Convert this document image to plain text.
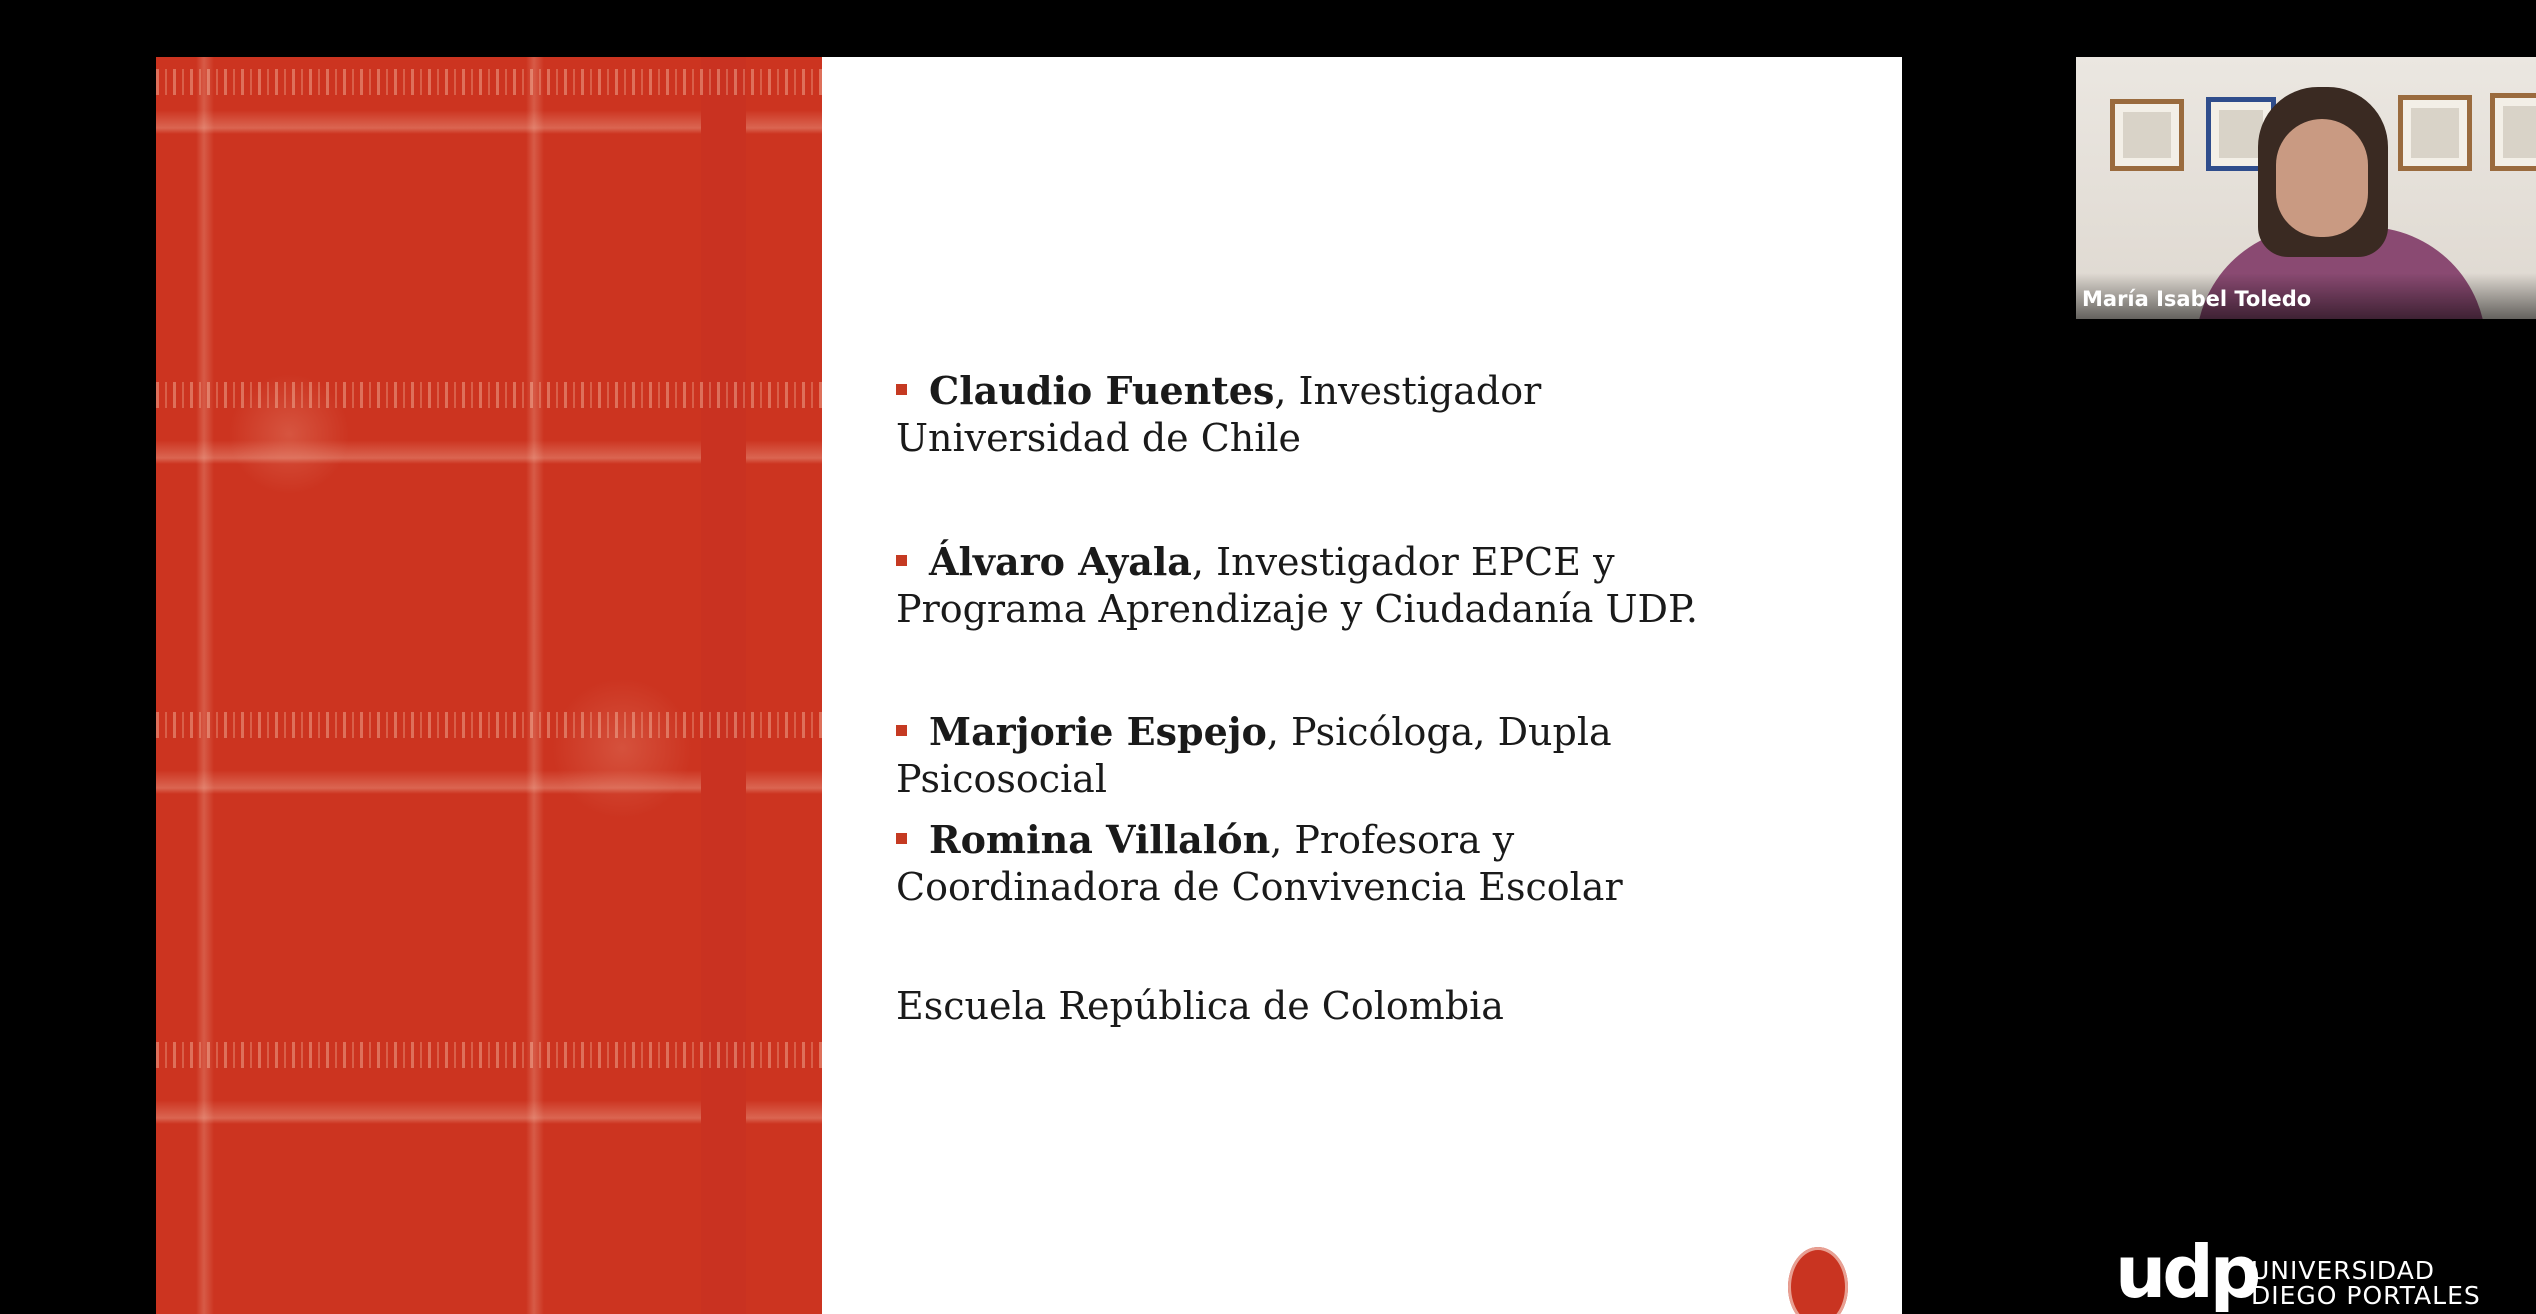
Claudio Fuentes, Investigador
Universidad de Chile

Álvaro Ayala, Investigador EPCE y
Programa Aprendizaje y Ciudadanía UDP.

Marjorie Espejo, Psicóloga, Dupla
Psicosocial

Romina Villalón, Profesora y
Coordinadora de Convivencia Escolar

Escuela República de Colombia

María Isabel Toledo
udp
UNIVERSIDAD
DIEGO PORTALES
